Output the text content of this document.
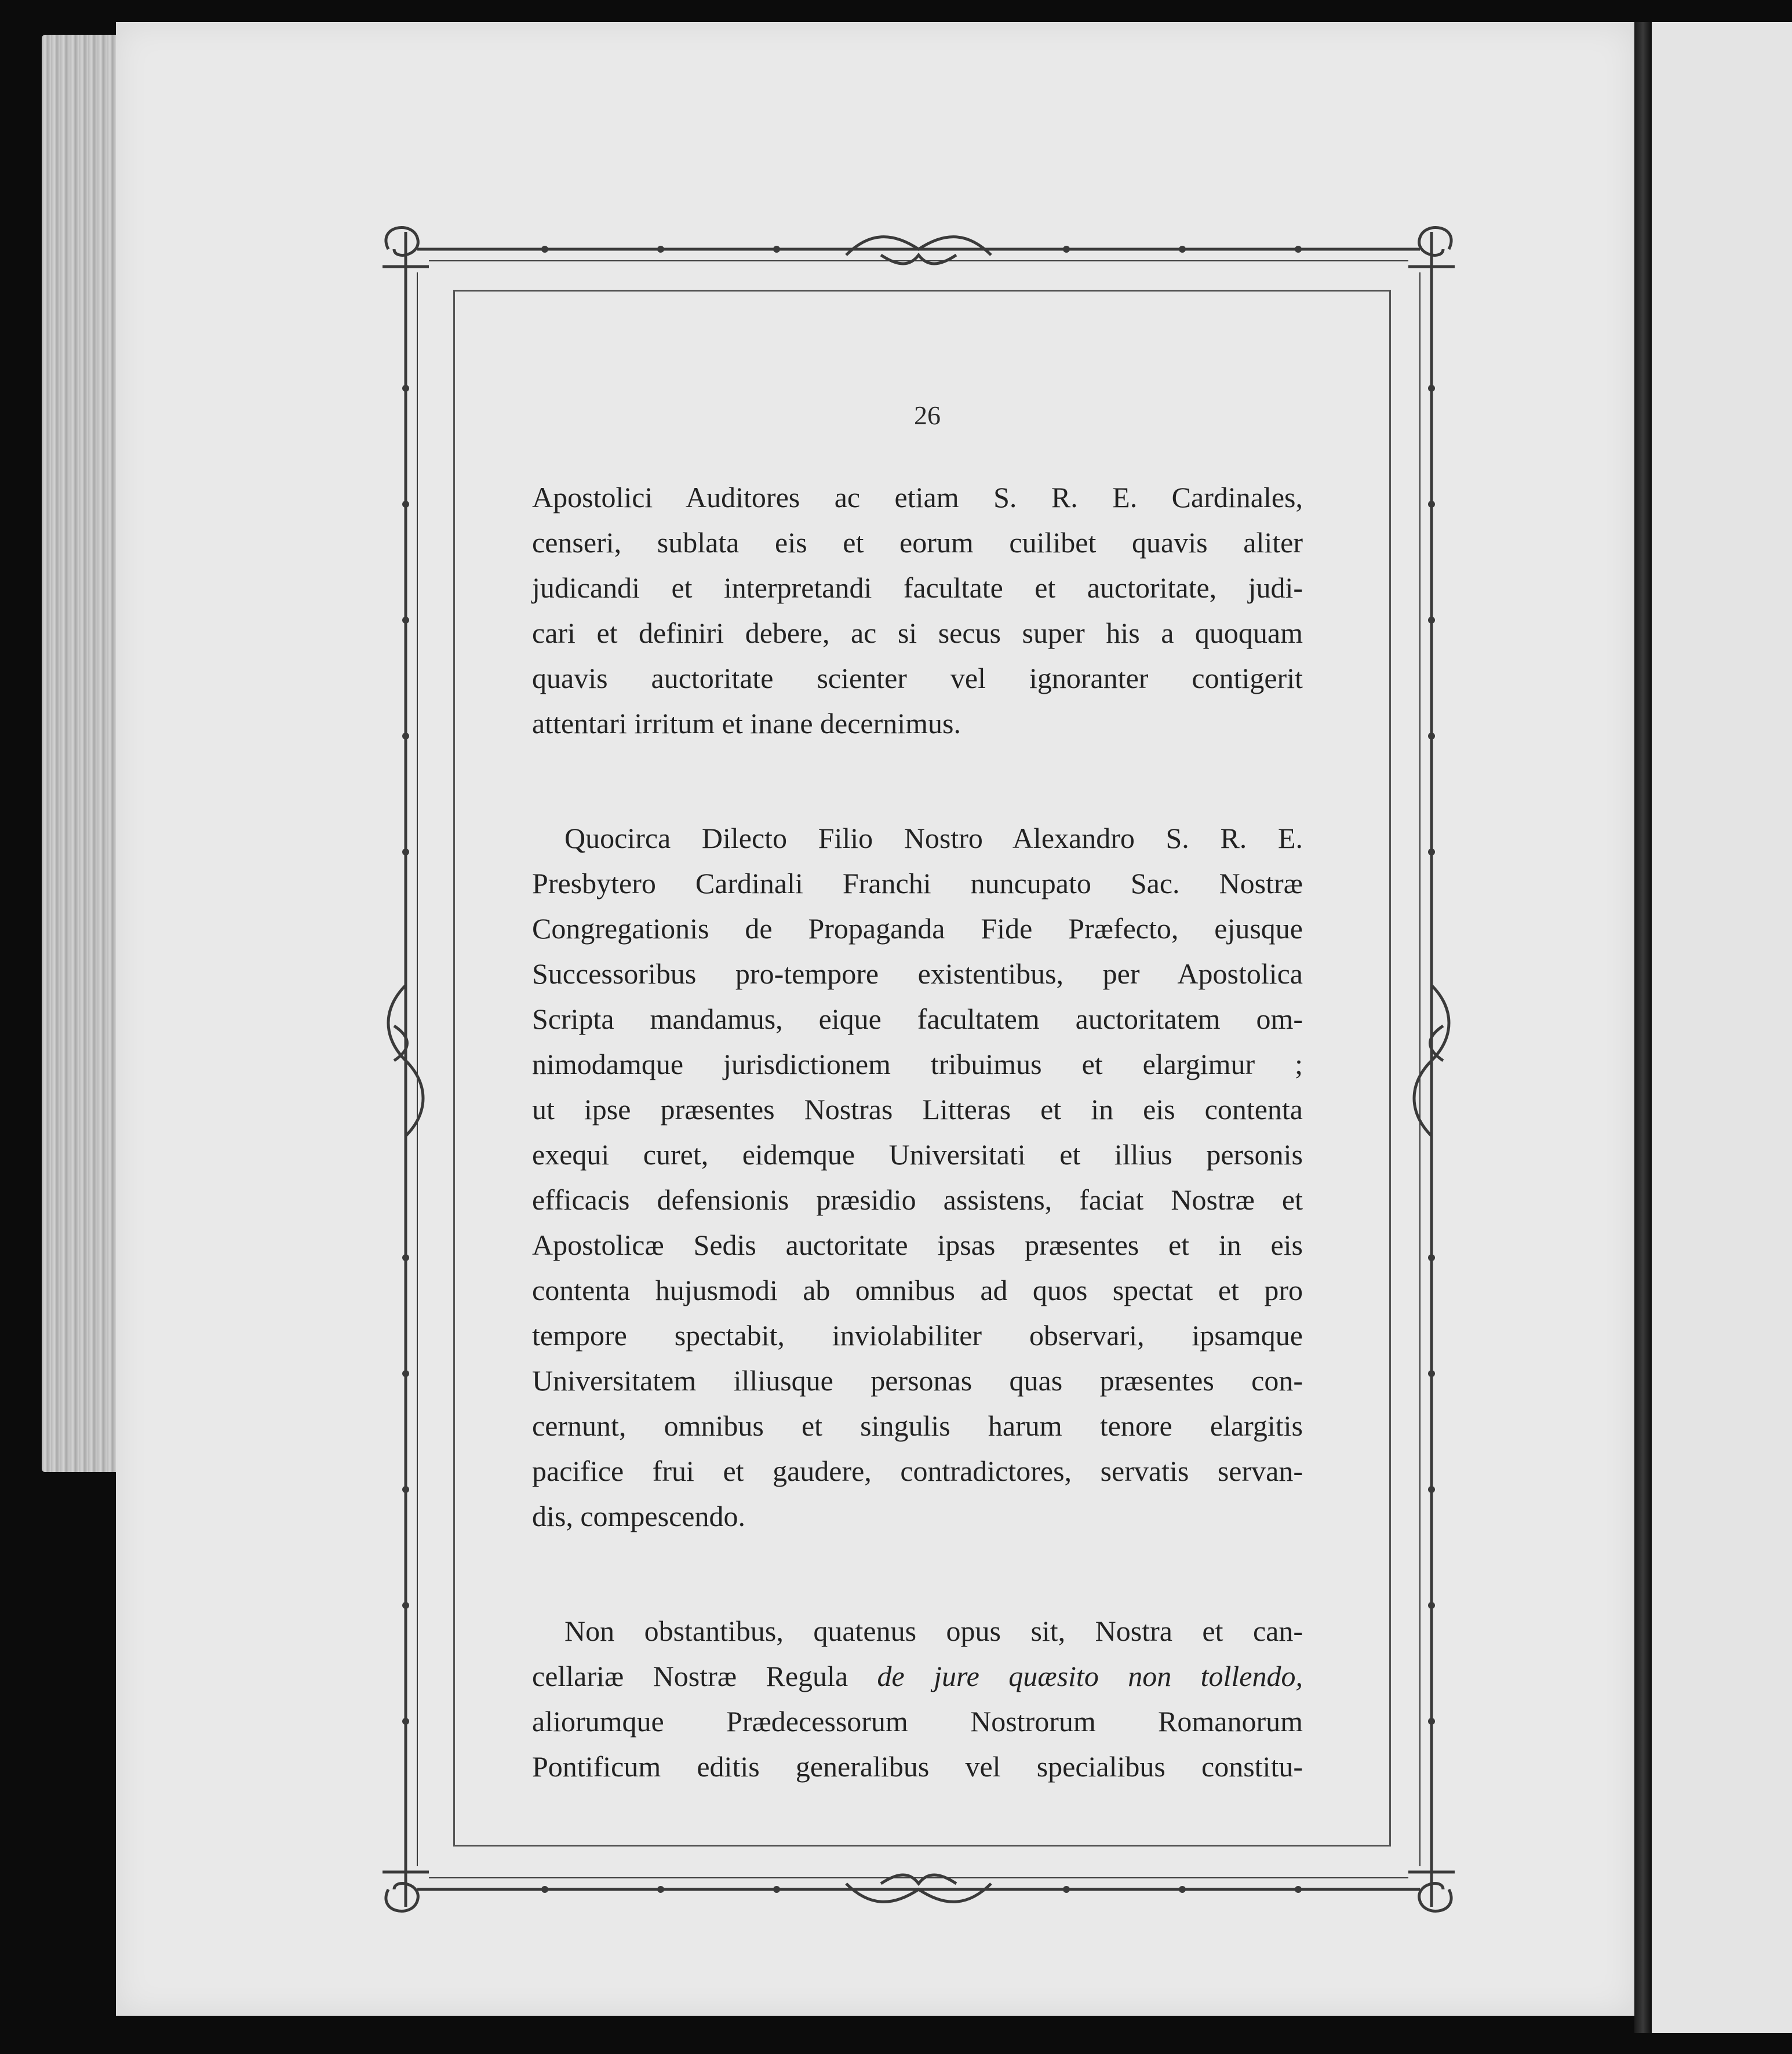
26
Apostolici Auditores ac etiam S. R. E. Cardinales,
censeri, sublata eis et eorum cuilibet quavis aliter
judicandi et interpretandi facultate et auctoritate, judi-
cari et definiri debere, ac si secus super his a quoquam
quavis auctoritate scienter vel ignoranter contigerit
attentari irritum et inane decernimus.
Quocirca Dilecto Filio Nostro Alexandro S. R. E.
Presbytero Cardinali Franchi nuncupato Sac. Nostræ
Congregationis de Propaganda Fide Præfecto, ejusque
Successoribus pro-tempore existentibus, per Apostolica
Scripta mandamus, eique facultatem auctoritatem om-
nimodamque jurisdictionem tribuimus et elargimur ;
ut ipse præsentes Nostras Litteras et in eis contenta
exequi curet, eidemque Universitati et illius personis
efficacis defensionis præsidio assistens, faciat Nostræ et
Apostolicæ Sedis auctoritate ipsas præsentes et in eis
contenta hujusmodi ab omnibus ad quos spectat et pro
tempore spectabit, inviolabiliter observari, ipsamque
Universitatem illiusque personas quas præsentes con-
cernunt, omnibus et singulis harum tenore elargitis
pacifice frui et gaudere, contradictores, servatis servan-
dis, compescendo.
Non obstantibus, quatenus opus sit, Nostra et can-
cellariæ Nostræ Regula de jure quæsito non tollendo,
aliorumque Prædecessorum Nostrorum Romanorum
Pontificum editis generalibus vel specialibus constitu-
